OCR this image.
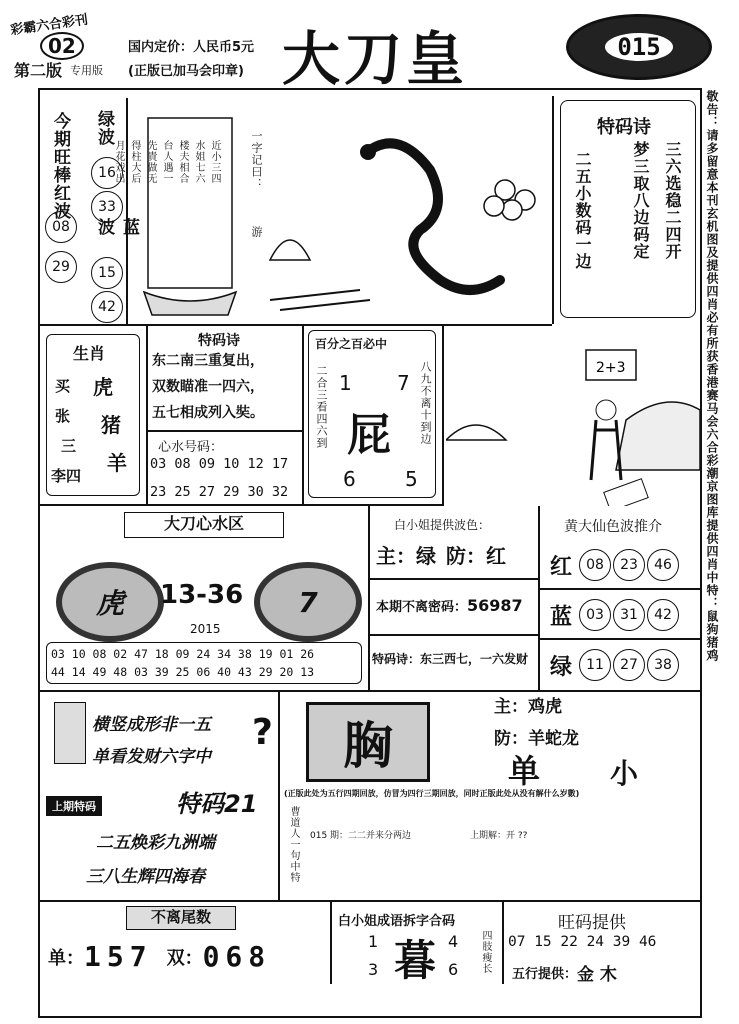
彩霸六合彩刊
02
第二版 专用版
国内定价：人民币5元
(正版已加马会印章) 大刀皇	015
敬告：请多留意本刊玄机图及提供四肖必有所获香港赛马会六合彩潮京图库提供四肖中特：鼠狗猪鸡
今期旺棒红波 绿波
蓝波
08
29
16
33
15
42
近小三四
水姐七六
楼夫相合
台人遇一
先貴做无
得柱大后
月花戏出	一字记曰：
游
特码诗
三六选稳二四开
梦三取八边码定
二五小数码一边
生肖
买 虎
张 猪
三
羊
李四
特码诗
东二南三重复出，
双数瞄准一四六，
五七相成列入奘。
心水号码：
03 08 09 10 12 17
23 25 27 29 30 32
百分之百必中
二合三看四六到	八九不离十到边
1 7
屁
6 5
2+3
大刀心水区
虎 13-36 7
2015
03 10 08 02 47 18 09 24 34 38 19 01 26
44 14 49 48 03 39 25 06 40 43 29 20 13
白小姐提供波色：
主： 绿 防： 红
本期不离密码： 56987
特码诗： 东三西七，一六发财
黄大仙色波推介
红	08	23	46
蓝	03	31	42
绿	11	27	38
横竖成形非一五
单看发财六字中
?
上期特码	特码21
二五焕彩九洲端
三八生辉四海春
胸
主：鸡虎
防：羊蛇龙
单 小
(正版此处为五行四期回放，仿冒为四行三期回放，同时正版此处从没有解什么岁數)
曹道人一句中特 015 期：二二并来分两边	上期解：开 ??
不离尾数
单： 157 双： 068
白小姐成语拆字合码
1	4
暮
3	6 四肢瘦长
旺码提供
07 15 22 24 39 46
五行提供： 金 木
